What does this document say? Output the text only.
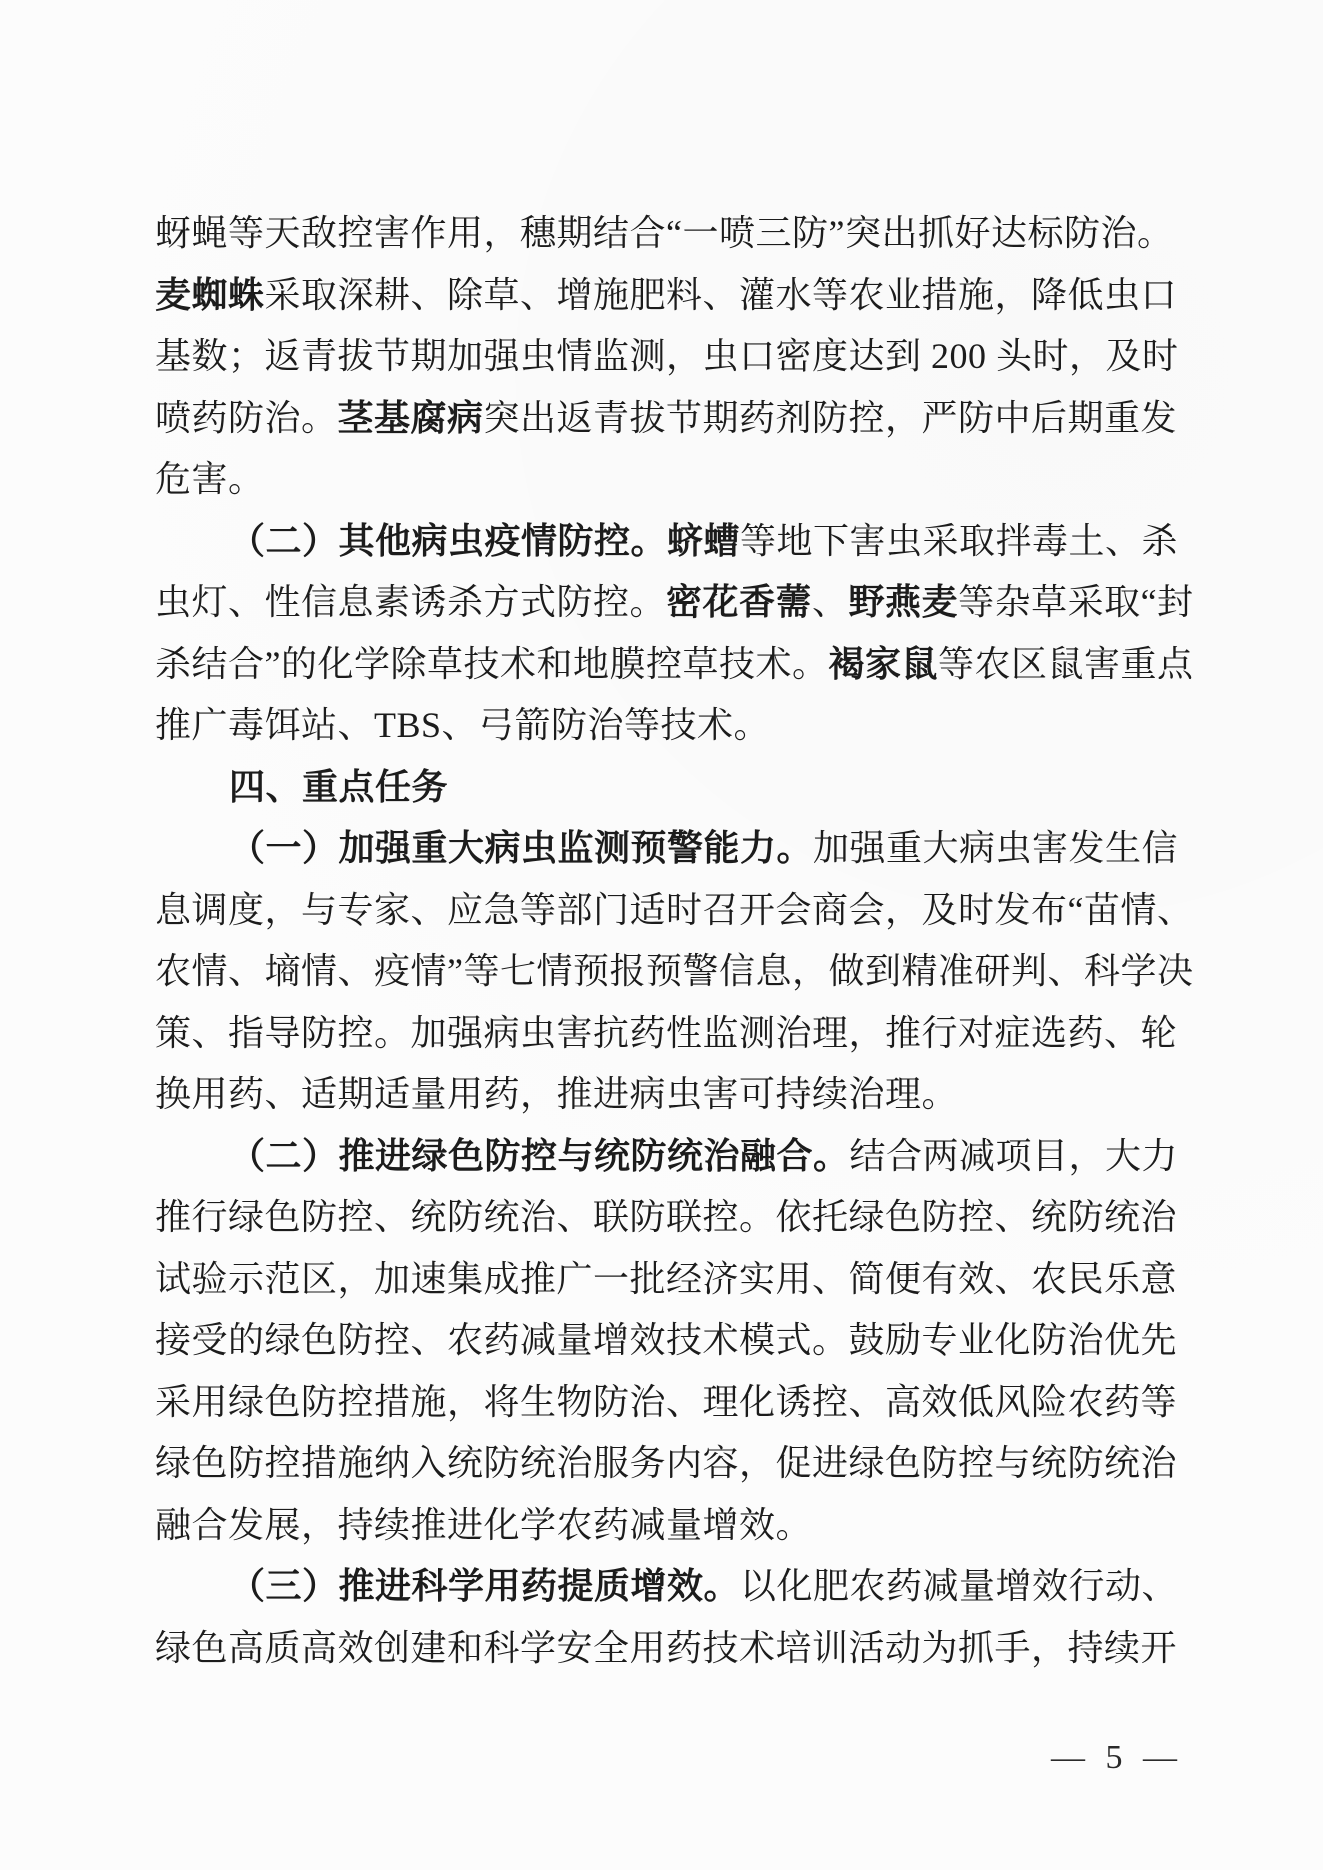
蚜蝇等天敌控害作用，穗期结合“一喷三防”突出抓好达标防治。
麦蜘蛛采取深耕、除草、增施肥料、灌水等农业措施，降低虫口
基数；返青拔节期加强虫情监测，虫口密度达到 200 头时，及时
喷药防治。茎基腐病突出返青拔节期药剂防控，严防中后期重发
危害。
（二）其他病虫疫情防控。蛴螬等地下害虫采取拌毒土、杀
虫灯、性信息素诱杀方式防控。密花香薷、野燕麦等杂草采取“封
杀结合”的化学除草技术和地膜控草技术。褐家鼠等农区鼠害重点
推广毒饵站、TBS、弓箭防治等技术。
四、重点任务
（一）加强重大病虫监测预警能力。加强重大病虫害发生信
息调度，与专家、应急等部门适时召开会商会，及时发布“苗情、
农情、墒情、疫情”等七情预报预警信息，做到精准研判、科学决
策、指导防控。加强病虫害抗药性监测治理，推行对症选药、轮
换用药、适期适量用药，推进病虫害可持续治理。
（二）推进绿色防控与统防统治融合。结合两减项目，大力
推行绿色防控、统防统治、联防联控。依托绿色防控、统防统治
试验示范区，加速集成推广一批经济实用、简便有效、农民乐意
接受的绿色防控、农药减量增效技术模式。鼓励专业化防治优先
采用绿色防控措施，将生物防治、理化诱控、高效低风险农药等
绿色防控措施纳入统防统治服务内容，促进绿色防控与统防统治
融合发展，持续推进化学农药减量增效。
（三）推进科学用药提质增效。以化肥农药减量增效行动、
绿色高质高效创建和科学安全用药技术培训活动为抓手，持续开
— 5 —
